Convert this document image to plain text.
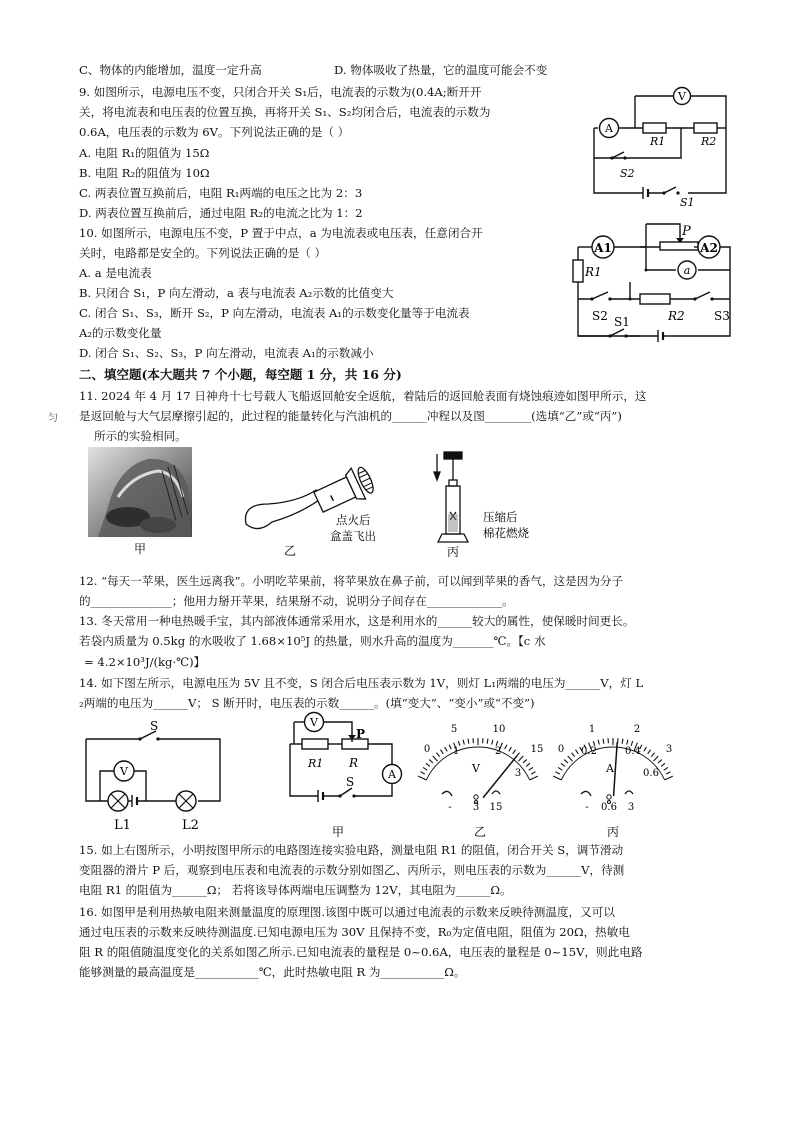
C、物体的内能增加，温度一定升高	D. 物体吸收了热量，它的温度可能会不变
9. 如图所示，电源电压不变，只闭合开关 S₁后，电流表的示数为(0.4A;断开开
关，将电流表和电压表的位置互换，再将开关 S₁、S₂均闭合后，电流表的示数为
0.6A，电压表的示数为 6V。下列说法正确的是（ ）
A. 电阻 R₁的阻值为 15Ω
B. 电阻 R₂的阻值为 10Ω
C. 两表位置互换前后，电阻 R₁两端的电压之比为 2：3
D. 两表位置互换前后，通过电阻 R₂的电流之比为 1：2
10. 如图所示，电源电压不变，P 置于中点，a 为电流表或电压表，任意闭合开
关时，电路都是安全的。下列说法正确的是（ ）
A. a 是电流表
B. 只闭合 S₁，P 向左滑动，a 表与电流表 A₂示数的比值变大
C. 闭合 S₁、S₃，断开 S₂，P 向左滑动，电流表 A₁的示数变化量等于电流表
A₂的示数变化量
D. 闭合 S₁、S₂、S₃，P 向左滑动，电流表 A₁的示数减小
二、填空题(本大题共 7 个小题，每空题 1 分，共 16 分)
11. 2024 年 4 月 17 日神舟十七号载人飞船返回舱安全返航，着陆后的返回舱表面有烧蚀痕迹如图甲所示，这
匀 是返回舱与大气层摩擦引起的，此过程的能量转化与汽油机的______冲程以及图________(选填“乙”或“丙”)
所示的实验相同。
12. “每天一苹果，医生远离我”。小明吃苹果前，将苹果放在鼻子前，可以闻到苹果的香气，这是因为分子
的______________；他用力掰开苹果，结果掰不动，说明分子间存在_____________。
13. 冬天常用一种电热暖手宝，其内部液体通常采用水，这是利用水的______较大的属性，使保暖时间更长。
若袋内质量为 0.5kg 的水吸收了 1.68×10⁵J 的热量，则水升高的温度为_______℃。【c 水
= 4.2×10³J/(kg·℃)】
14. 如下图左所示，电源电压为 5V 且不变，S 闭合后电压表示数为 1V，则灯 L₁两端的电压为______V，灯 L
₂两端的电压为______V； S 断开时，电压表的示数______。(填“变大”、“变小”或“不变”)
15. 如上右图所示，小明按图甲所示的电路图连接实验电路，测量电阻 R1 的阻值，闭合开关 S，调节滑动
变阻器的滑片 P 后，观察到电压表和电流表的示数分别如图乙、丙所示，则电压表的示数为______V，待测
电阻 R1 的阻值为______Ω； 若将该导体两端电压调整为 12V，其电阻为______Ω。
16. 如图甲是利用热敏电阻来测量温度的原理图.该图中既可以通过电流表的示数来反映待测温度，又可以
通过电压表的示数来反映待测温度.已知电源电压为 30V 且保持不变，R₀为定值电阻，阻值为 20Ω，热敏电
阻 R 的阻值随温度变化的关系如图乙所示.已知电流表的量程是 0~0.6A，电压表的量程是 0~15V，则此电路
能够测量的最高温度是___________℃，此时热敏电阻 R 为___________Ω。
A
V
R1	R2
S2
S1
A1	A2
a
P
R1
R2
S2	S3
S1
甲
点火后
盒盖飞出
乙
压缩后
棉花燃烧
丙
S
V
L1	L2
V
A
P
R1 R
S
甲
0
5	10
15
1	2
3
V
- 3 15
乙
0
1	2
3
0.2	0.4
0.6
A
- 0.6 3
丙
